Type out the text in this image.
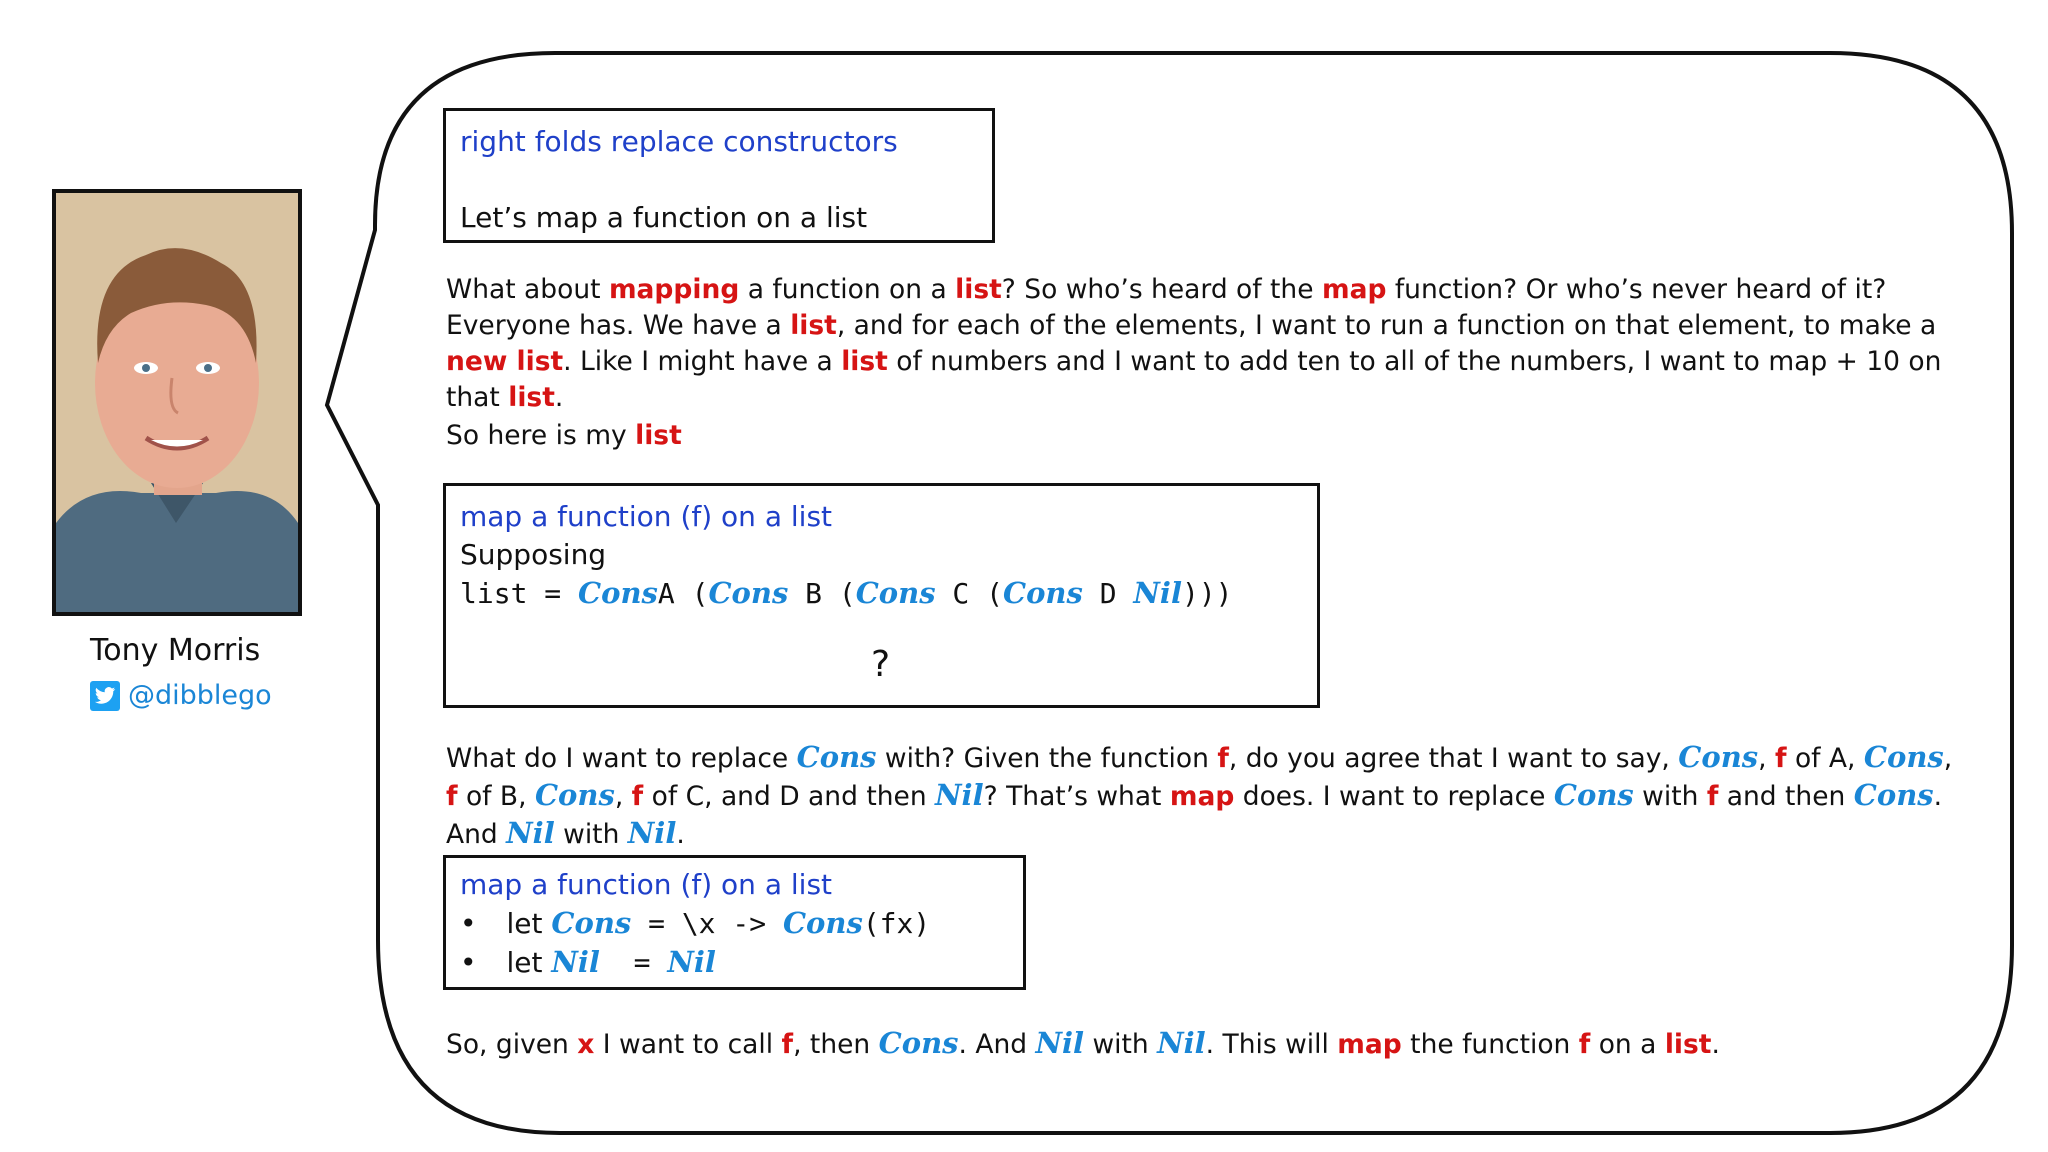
Tony Morris
@dibblego
right folds replace constructors
Let’s map a function on a list
What about mapping a function on a list? So who’s heard of the map function? Or who’s never heard of it? Everyone has. We have a list, and for each of the elements, I want to run a function on that element, to make a new list. Like I might have a list of numbers and I want to add ten to all of the numbers, I want to map + 10 on that list.
So here is my list
map a function (f) on a list
Supposing
list = ConsA (Cons B (Cons C (Cons D Nil)))
?
What do I want to replace Cons with? Given the function f, do you agree that I want to say, Cons, f of A, Cons, f of B, Cons, f of C, and D and then Nil? That’s what map does. I want to replace Cons with f and then Cons. And Nil with Nil.
map a function (f) on a list
• let Cons = \x -> Cons(fx)
• let Nil  = Nil
So, given x I want to call f, then Cons. And Nil with Nil. This will map the function f on a list.
